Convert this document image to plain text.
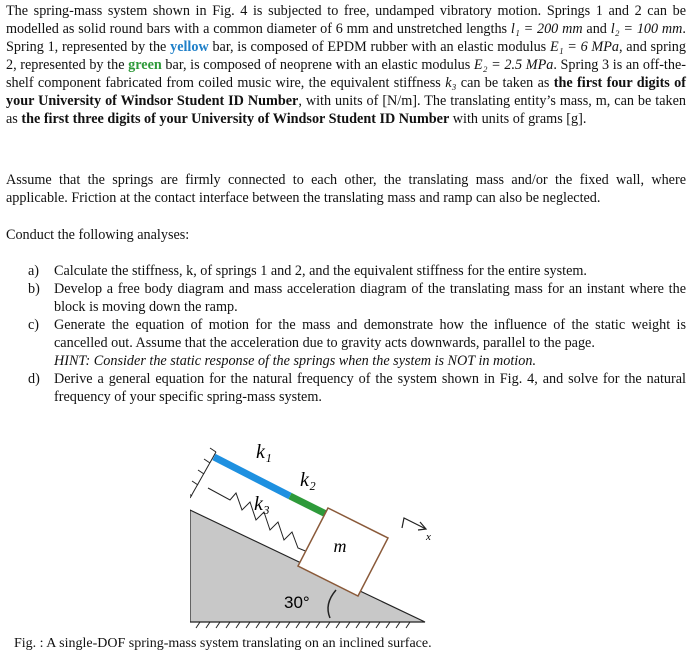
The spring-mass system shown in Fig. 4 is subjected to free, undamped vibratory motion. Springs 1 and 2 can be modelled as solid round bars with a common diameter of 6 mm and unstretched lengths l₁ = 200 mm and l₂ = 100 mm. Spring 1, represented by the yellow bar, is composed of EPDM rubber with an elastic modulus E₁ = 6 MPa, and spring 2, represented by the green bar, is composed of neoprene with an elastic modulus E₂ = 2.5 MPa. Spring 3 is an off-the-shelf component fabricated from coiled music wire, the equivalent stiffness k₃ can be taken as the first four digits of your University of Windsor Student ID Number, with units of [N/m]. The translating entity’s mass, m, can be taken as the first three digits of your University of Windsor Student ID Number with units of grams [g].
Assume that the springs are firmly connected to each other, the translating mass and/or the fixed wall, where applicable. Friction at the contact interface between the translating mass and ramp can also be neglected.
Conduct the following analyses:
a) Calculate the stiffness, k, of springs 1 and 2, and the equivalent stiffness for the entire system.
b) Develop a free body diagram and mass acceleration diagram of the translating mass for an instant where the block is moving down the ramp.
c) Generate the equation of motion for the mass and demonstrate how the influence of the static weight is cancelled out. Assume that the acceleration due to gravity acts downwards, parallel to the page.
HINT: Consider the static response of the springs when the system is NOT in motion.
d) Derive a general equation for the natural frequency of the system shown in Fig. 4, and solve for the natural frequency of your specific spring-mass system.
m
k₁
k₂
k₃
x
30°
Fig. : A single-DOF spring-mass system translating on an inclined surface.
